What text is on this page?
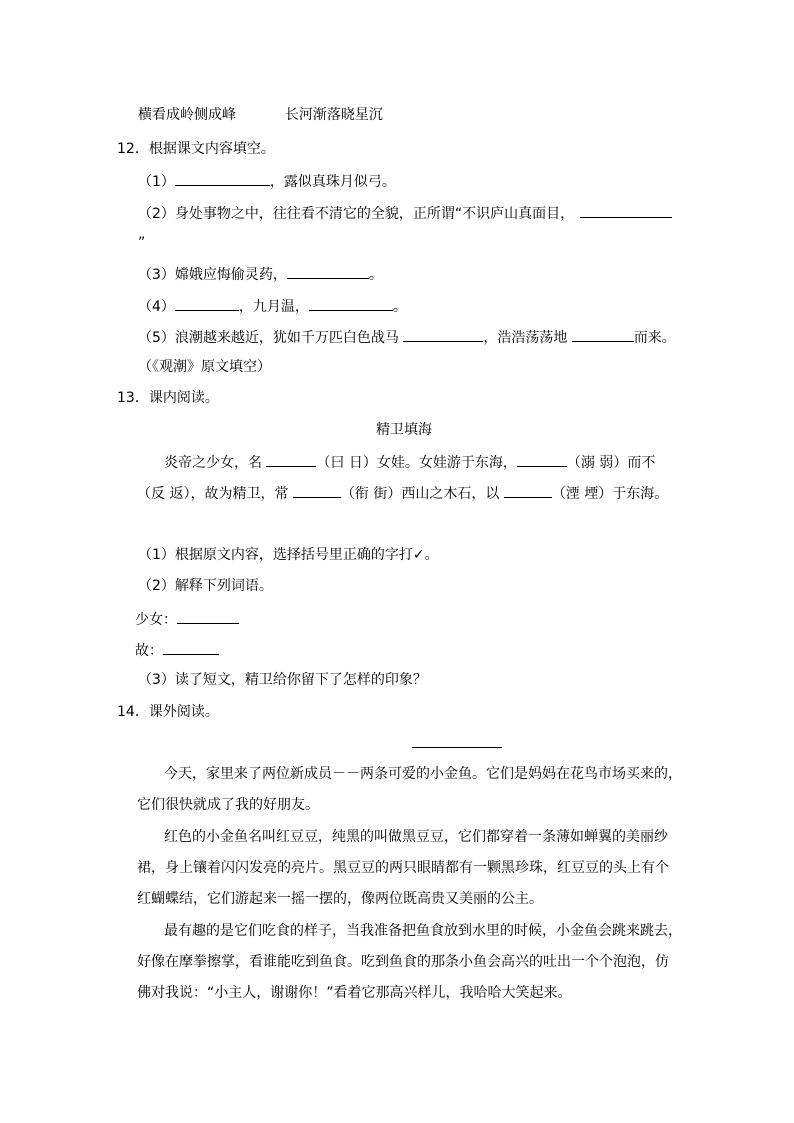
横看成岭侧成峰	长河渐落晓星沉
12．根据课文内容填空。
（1）	，露似真珠月似弓。
（2）身处事物之中，往往看不清它的全貌，正所谓“不识庐山真面目，
”
（3）嫦娥应悔偷灵药，	。
（4）	，九月温，	。
（5）浪潮越来越近，犹如千万匹白色战马	，浩浩荡荡地	而来。
（《观潮》原文填空）
13．课内阅读。
精卫填海
炎帝之少女，名	（曰 日）女娃。女娃游于东海，	（溺 弱）而不
（反 返），故为精卫，常	（衔 街）西山之木石，以	（湮 堙）于东海。
（1）根据原文内容，选择括号里正确的字打✓。
（2）解释下列词语。
少女：
故：
（3）读了短文，精卫给你留下了怎样的印象？
14．课外阅读。
今天，家里来了两位新成员－－两条可爱的小金鱼。它们是妈妈在花鸟市场买来的，
它们很快就成了我的好朋友。
红色的小金鱼名叫红豆豆，纯黑的叫做黑豆豆，它们都穿着一条薄如蝉翼的美丽纱
裙，身上镶着闪闪发亮的亮片。黑豆豆的两只眼睛都有一颗黑珍珠，红豆豆的头上有个
红蝴蝶结，它们游起来一摇一摆的，像两位既高贵又美丽的公主。
最有趣的是它们吃食的样子，当我准备把鱼食放到水里的时候，小金鱼会跳来跳去，
好像在摩拳擦掌，看谁能吃到鱼食。吃到鱼食的那条小鱼会高兴的吐出一个个泡泡，仿
佛对我说：“小主人，谢谢你！”看着它那高兴样儿，我哈哈大笑起来。
